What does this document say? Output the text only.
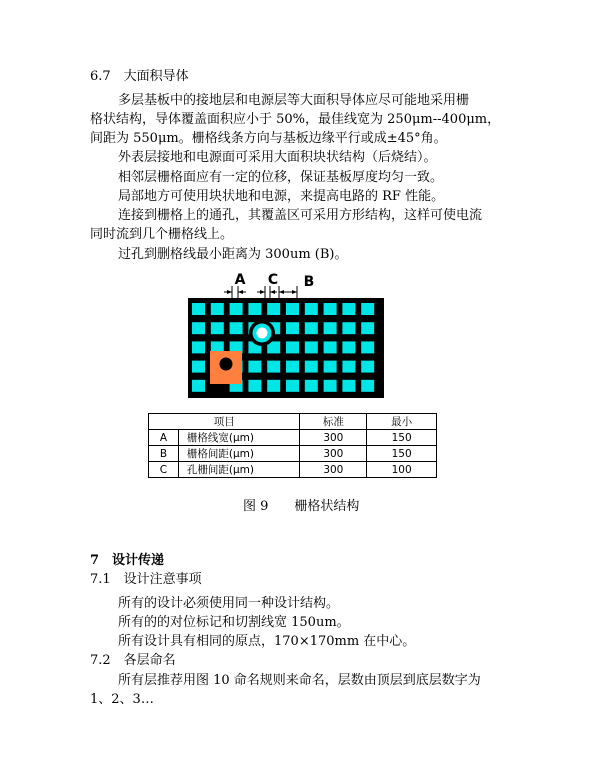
6.7　大面积导体
多层基板中的接地层和电源层等大面积导体应尽可能地采用栅
格状结构，导体覆盖面积应小于 50%，最佳线宽为 250μm--400μm，
间距为 550μm。栅格线条方向与基板边缘平行或成±45°角。
外表层接地和电源面可采用大面积块状结构（后烧结）。
相邻层栅格面应有一定的位移，保证基板厚度均匀一致。
局部地方可使用块状地和电源，来提高电路的 RF 性能。
连接到栅格上的通孔，其覆盖区可采用方形结构，这样可使电流
同时流到几个栅格线上。
过孔到删格线最小距离为 300um (B)。
A C B
项目		标准	最小
A	栅格线宽(μm)	300	150
B	栅格间距(μm)	300	150
C	孔栅间距(μm)	300	100
图 9　　栅格状结构
7　设计传递
7.1　设计注意事项
所有的设计必须使用同一种设计结构。
所有的的对位标记和切割线宽 150um。
所有设计具有相同的原点，170×170mm 在中心。
7.2　各层命名
所有层推荐用图 10 命名规则来命名，层数由顶层到底层数字为
1、2、3…
